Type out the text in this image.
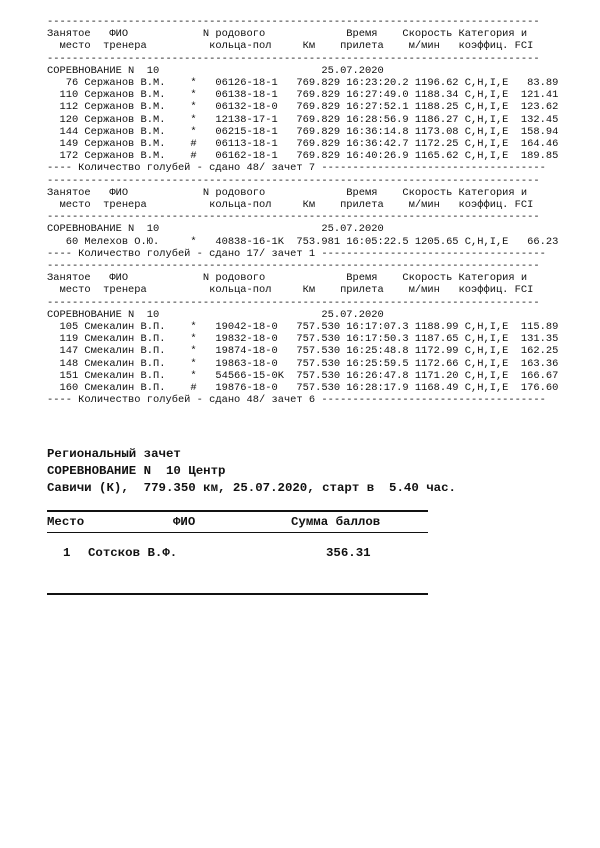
-------------------------------------------------------------------------------
Занятое   ФИО            N родового             Время    Скорость Категория и
место  тренера          кольца-пол     Км    прилета    м/мин   коэффиц. FCI
-------------------------------------------------------------------------------
СОРЕВНОВАНИЕ N  10                          25.07.2020
76 Сержанов В.М.    *   06126-18-1   769.829 16:23:20.2 1196.62 С,Н,I,Е   83.89
110 Сержанов В.М.    *   06138-18-1   769.829 16:27:49.0 1188.34 С,Н,I,Е  121.41
112 Сержанов В.М.    *   06132-18-0   769.829 16:27:52.1 1188.25 С,Н,I,Е  123.62
120 Сержанов В.М.    *   12138-17-1   769.829 16:28:56.9 1186.27 С,Н,I,Е  132.45
144 Сержанов В.М.    *   06215-18-1   769.829 16:36:14.8 1173.08 С,Н,I,Е  158.94
149 Сержанов В.М.    #   06113-18-1   769.829 16:36:42.7 1172.25 С,Н,I,Е  164.46
172 Сержанов В.М.    #   06162-18-1   769.829 16:40:26.9 1165.62 С,Н,I,Е  189.85
---- Количество голубей - сдано 48/ зачет 7 ------------------------------------
-------------------------------------------------------------------------------
Занятое   ФИО            N родового             Время    Скорость Категория и
место  тренера          кольца-пол     Км    прилета    м/мин   коэффиц. FCI
-------------------------------------------------------------------------------
СОРЕВНОВАНИЕ N  10                          25.07.2020
60 Мелехов О.Ю.     *   40838-16-1K  753.981 16:05:22.5 1205.65 С,Н,I,Е   66.23
---- Количество голубей - сдано 17/ зачет 1 ------------------------------------
-------------------------------------------------------------------------------
Занятое   ФИО            N родового             Время    Скорость Категория и
место  тренера          кольца-пол     Км    прилета    м/мин   коэффиц. FCI
-------------------------------------------------------------------------------
СОРЕВНОВАНИЕ N  10                          25.07.2020
105 Смекалин В.П.    *   19042-18-0   757.530 16:17:07.3 1188.99 С,Н,I,Е  115.89
119 Смекалин В.П.    *   19832-18-0   757.530 16:17:50.3 1187.65 С,Н,I,Е  131.35
147 Смекалин В.П.    *   19874-18-0   757.530 16:25:48.8 1172.99 С,Н,I,Е  162.25
148 Смекалин В.П.    *   19863-18-0   757.530 16:25:59.5 1172.66 С,Н,I,Е  163.36
151 Смекалин В.П.    *   54566-15-0K  757.530 16:26:47.8 1171.20 С,Н,I,Е  166.67
160 Смекалин В.П.    #   19876-18-0   757.530 16:28:17.9 1168.49 С,Н,I,Е  176.60
---- Количество голубей - сдано 48/ зачет 6 ------------------------------------
Региональный зачет
СОРЕВНОВАНИЕ N  10 Центр
Савичи (К),  779.350 км, 25.07.2020, старт в  5.40 час.
Место	ФИО	Сумма баллов
1 Сотсков В.Ф.	356.31
